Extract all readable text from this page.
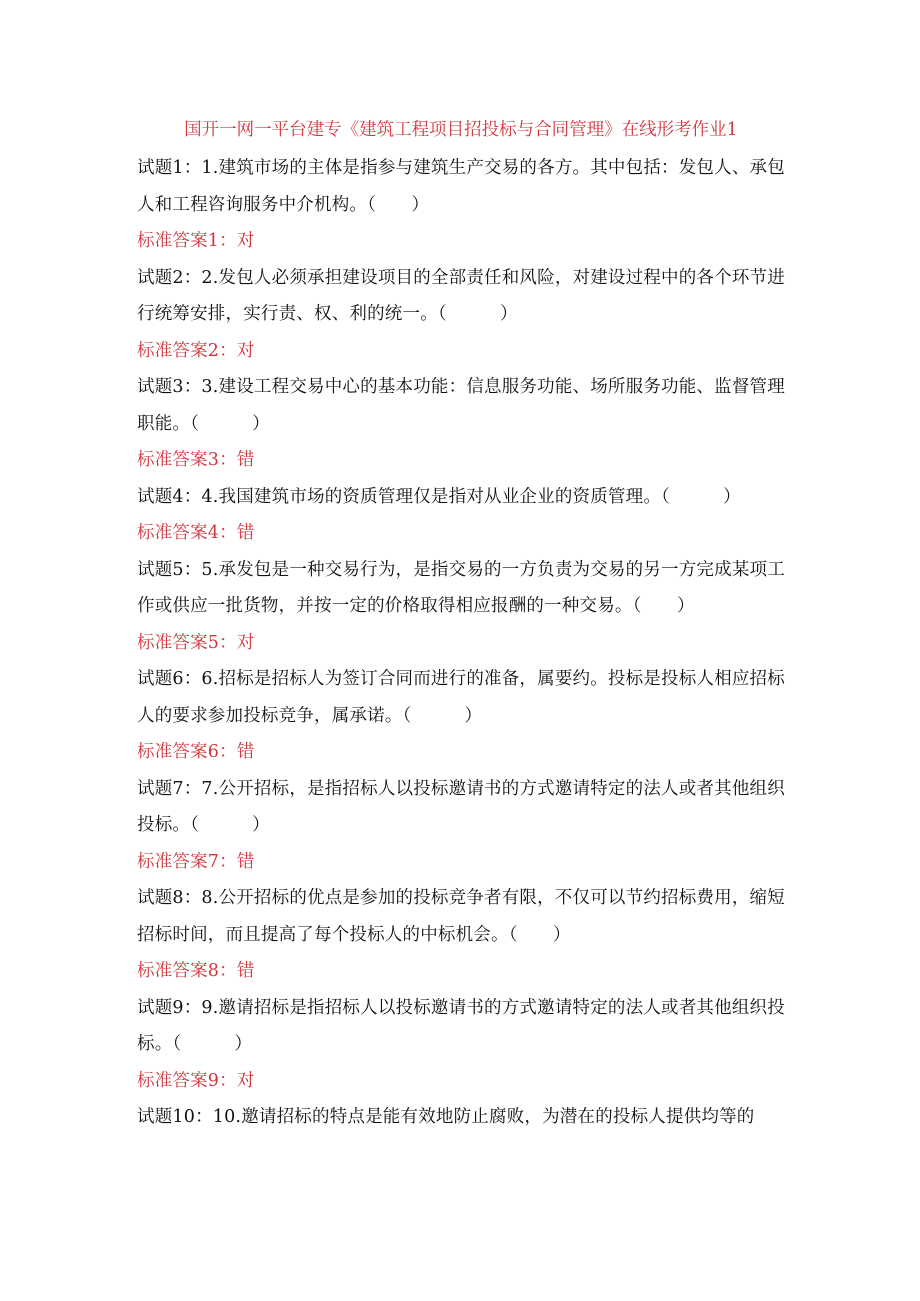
国开一网一平台建专《建筑工程项目招投标与合同管理》在线形考作业1

试题1：1.建筑市场的主体是指参与建筑生产交易的各方。其中包括：发包人、承包人和工程咨询服务中介机构。（　　）

标准答案1：对

试题2：2.发包人必须承担建设项目的全部责任和风险，对建设过程中的各个环节进行统筹安排，实行责、权、利的统一。（　　　）

标准答案2：对

试题3：3.建设工程交易中心的基本功能：信息服务功能、场所服务功能、监督管理职能。（　　　）

标准答案3：错

试题4：4.我国建筑市场的资质管理仅是指对从业企业的资质管理。（　　　）

标准答案4：错

试题5：5.承发包是一种交易行为，是指交易的一方负责为交易的另一方完成某项工作或供应一批货物，并按一定的价格取得相应报酬的一种交易。（　　）

标准答案5：对

试题6：6.招标是招标人为签订合同而进行的准备，属要约。投标是投标人相应招标人的要求参加投标竞争，属承诺。（　　　）

标准答案6：错

试题7：7.公开招标，是指招标人以投标邀请书的方式邀请特定的法人或者其他组织投标。（　　　）

标准答案7：错

试题8：8.公开招标的优点是参加的投标竞争者有限，不仅可以节约招标费用，缩短招标时间，而且提高了每个投标人的中标机会。（　　）

标准答案8：错

试题9：9.邀请招标是指招标人以投标邀请书的方式邀请特定的法人或者其他组织投标。（　　　）

标准答案9：对

试题10：10.邀请招标的特点是能有效地防止腐败，为潜在的投标人提供均等的
